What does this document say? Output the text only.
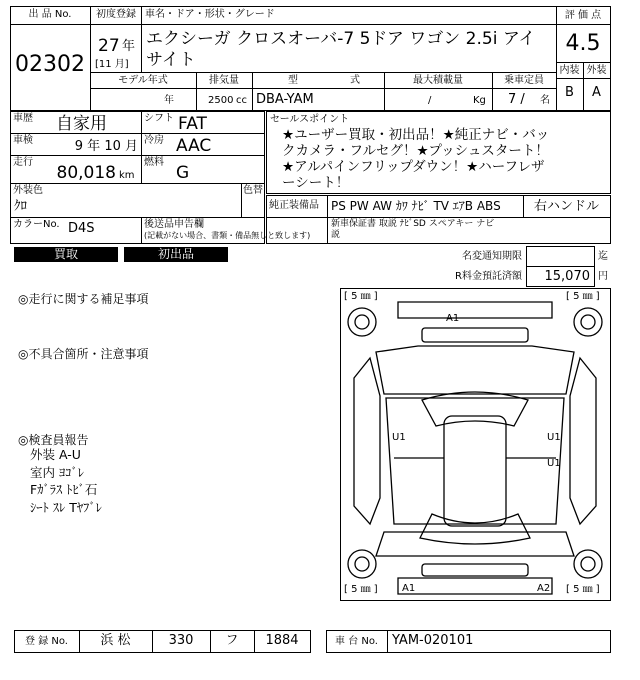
出 品 No.
02302
初度登録
27 年
[11 月]
車名・ドア・形状・グレード
エクシーガ クロスオーバ-7 5ドア ワゴン 2.5i アイ
サイト
評 価 点
4.5
内装 外装
B	A
モデル年式
年
排気量
2500 cc
型	式
DBA-YAM
最大積載量
/	Kg
乗車定員
7 / 名
車歴 自家用	シフト FAT
車検	9 年 10 月 冷房 AAC
走行
80,018 km
燃料
G
外装色
ｸﾛ
色替
カラーNo. D4S	後送品申告欄
(記載がない場合、書類・備品無しと致します)
セールスポイント
★ユーザー買取・初出品！★純正ナビ・バッ
クカメラ・フルセグ！★プッシュスタート！
★アルパインフリップダウン！★ハーフレザ
ーシート！
純正装備品 PS PW AW ｶﾜ ﾅﾋﾞ TV ｴｱB ABS	右ハンドル
新車保証書 取説 ﾅﾋﾞSD スペアキー ナビ
説
買取	初出品	名変通知期限	迄
R料金預託済額	15,070 円
◎走行に関する補足事項
◎不具合箇所・注意事項
◎検査員報告
外装 A-U
室内 ﾖｺﾞﾚ
Fｶﾞﾗｽ ﾄﾋﾞ石
ｼｰﾄ ｽﾚ Tﾔﾌﾞﾚ
[ 5 ㎜ ]	[ 5 ㎜ ]
[ 5 ㎜ ]	[ 5 ㎜ ]
A1
U1	U1
U1
A1	A2
登 録 No.	浜 松	330	フ	1884	車 台 No.	YAM-020101
